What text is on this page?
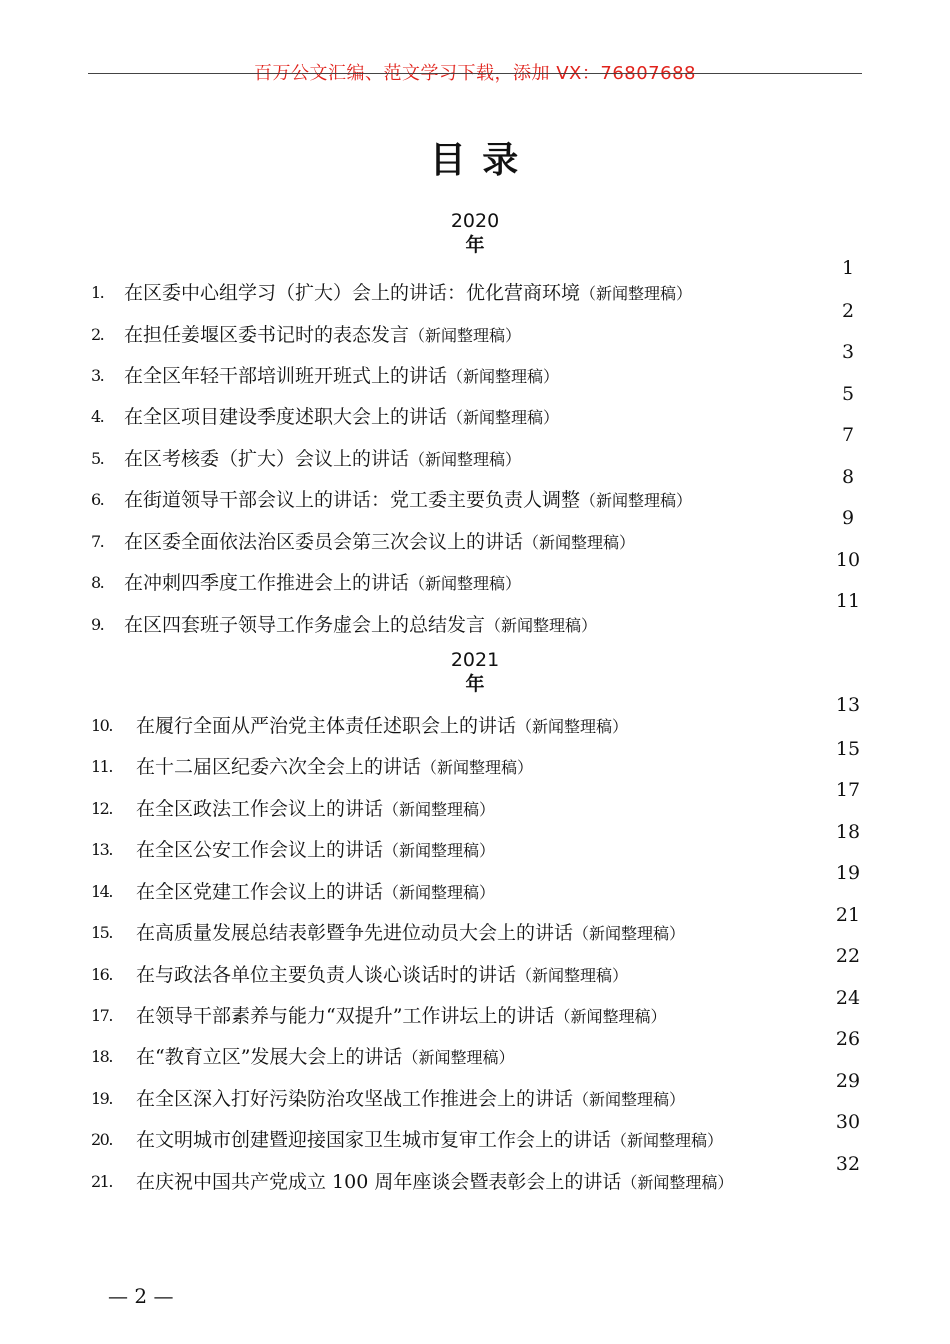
百万公文汇编、范文学习下载，添加 VX：76807688
目 录
2020
年
1. 在区委中心组学习（扩大）会上的讲话：优化营商环境（新闻整理稿）
2. 在担任姜堰区委书记时的表态发言（新闻整理稿）
3. 在全区年轻干部培训班开班式上的讲话（新闻整理稿）
4. 在全区项目建设季度述职大会上的讲话（新闻整理稿）
5. 在区考核委（扩大）会议上的讲话（新闻整理稿）
6. 在街道领导干部会议上的讲话：党工委主要负责人调整（新闻整理稿）
7. 在区委全面依法治区委员会第三次会议上的讲话（新闻整理稿）
8. 在冲刺四季度工作推进会上的讲话（新闻整理稿）
9. 在区四套班子领导工作务虚会上的总结发言（新闻整理稿）
1
2
3
5
7
8
9
10
11
2021
年
10. 在履行全面从严治党主体责任述职会上的讲话（新闻整理稿）
11. 在十二届区纪委六次全会上的讲话（新闻整理稿）
12. 在全区政法工作会议上的讲话（新闻整理稿）
13. 在全区公安工作会议上的讲话（新闻整理稿）
14. 在全区党建工作会议上的讲话（新闻整理稿）
15. 在高质量发展总结表彰暨争先进位动员大会上的讲话（新闻整理稿）
16. 在与政法各单位主要负责人谈心谈话时的讲话（新闻整理稿）
17. 在领导干部素养与能力“双提升”工作讲坛上的讲话（新闻整理稿）
18. 在“教育立区”发展大会上的讲话（新闻整理稿）
19. 在全区深入打好污染防治攻坚战工作推进会上的讲话（新闻整理稿）
20. 在文明城市创建暨迎接国家卫生城市复审工作会上的讲话（新闻整理稿）
21. 在庆祝中国共产党成立 100 周年座谈会暨表彰会上的讲话（新闻整理稿）
13
15
17
18
19
21
22
24
26
29
30
32
— 2 —
